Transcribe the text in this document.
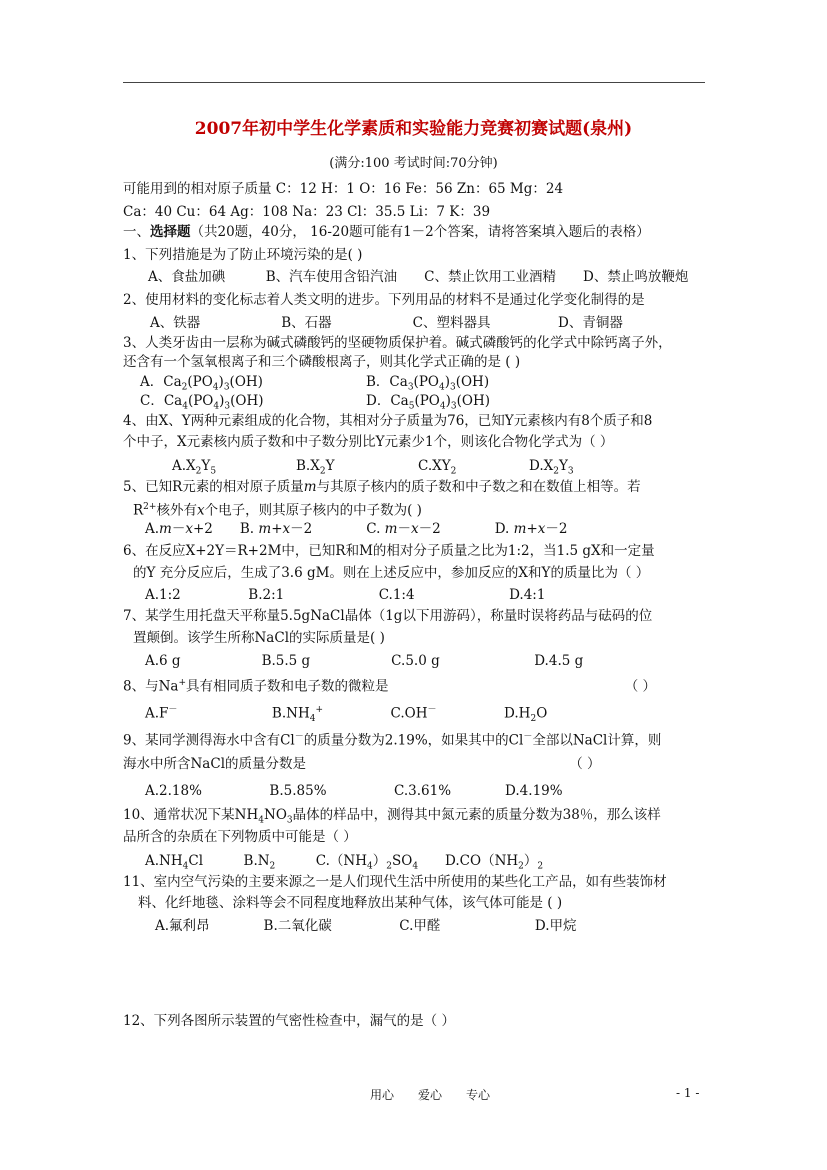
2007年初中学生化学素质和实验能力竞赛初赛试题(泉州)
(满分:100 考试时间:70分钟)
可能用到的相对原子质量 C：12 H：1 O：16 Fe：56 Zn：65 Mg：24
Ca：40 Cu：64 Ag：108 Na：23 Cl：35.5 Li：7 K：39
一、选择题（共20题，40分， 16-20题可能有1－2个答案，请将答案填入题后的表格）
1、下列措施是为了防止环境污染的是( )
A、食盐加碘　　　B、汽车使用含铅汽油　　C、禁止饮用工业酒精　　D、禁止鸣放鞭炮
2、使用材料的变化标志着人类文明的进步。下列用品的材料不是通过化学变化制得的是
A、铁器　　　　　　B、石器　　　　　　C、塑料器具　　　　　D、青铜器
3、人类牙齿由一层称为碱式磷酸钙的坚硬物质保护着。碱式磷酸钙的化学式中除钙离子外，
还含有一个氢氧根离子和三个磷酸根离子，则其化学式正确的是 ( )
A．$Ca_2(PO_4)_3(OH)$	B．$Ca_3(PO_4)_3(OH)$
C．$Ca_4(PO_4)_3(OH)$	D．$Ca_5(PO_4)_3(OH)$
4、由X、Y两种元素组成的化合物，其相对分子质量为76，已知Y元素核内有8个质子和8
个中子，X元素核内质子数和中子数分别比Y元素少1个，则该化合物化学式为（ ）
$A.X_2Y_5$	$B.X_2Y$	$C.XY_2$	$D.X_2Y_3$
5、已知R元素的相对原子质量m与其原子核内的质子数和中子数之和在数值上相等。若
$R^{2+}$核外有x个电子，则其原子核内的中子数为( )
A.m－x+2　　B. m+x－2　　　　C. m－x－2　　　　D. m+x－2
6、在反应X+2Y＝R+2M中，已知R和M的相对分子质量之比为1:2，当1.5 gX和一定量
的Y 充分反应后，生成了3.6 gM。则在上述反应中，参加反应的X和Y的质量比为（ ）
A.1:2　　　　　B.2:1　　　　　　　C.1:4　　　　　　　D.4:1
7、某学生用托盘天平称量5.5gNaCl晶体（1g以下用游码），称量时误将药品与砝码的位
置颠倒。该学生所称NaCl的实际质量是( )
A.6 g　　　　　　B.5.5 g　　　　　　C.5.0 g　　　　　　　D.4.5 g
8、与Na+具有相同质子数和电子数的微粒是　　　　　　　　　　　　　　　　　　（ ）
A.F－　　　　　　　$B.NH_4^+$　　　　　C.OH－　　　　　$D.H_2O$
9、某同学测得海水中含有Cl－的质量分数为2.19%，如果其中的Cl－全部以NaCl计算，则
海水中所含NaCl的质量分数是　　　　　　　　　　　　　　　　　　　　（ ）
A.2.18%　　　　　B.5.85%　　　　　C.3.61%　　　　D.4.19%
10、通常状况下某$NH_4NO_3$晶体的样品中，测得其中氮元素的质量分数为38％，那么该样
品所含的杂质在下列物质中可能是（ ）
$A.NH_4Cl$　　　$B.N_2$　　　$C.(NH_4)_2SO_4$　　$D.CO(NH_2)_2$
11、室内空气污染的主要来源之一是人们现代生活中所使用的某些化工产品，如有些装饰材
料、化纤地毯、涂料等会不同程度地释放出某种气体，该气体可能是 ( )
A.氟利昂　　　　B.二氧化碳　　　　　C.甲醛　　　　　　　D.甲烷
12、下列各图所示装置的气密性检查中，漏气的是（ ）
用心　　爱心　　专心	- 1 -
